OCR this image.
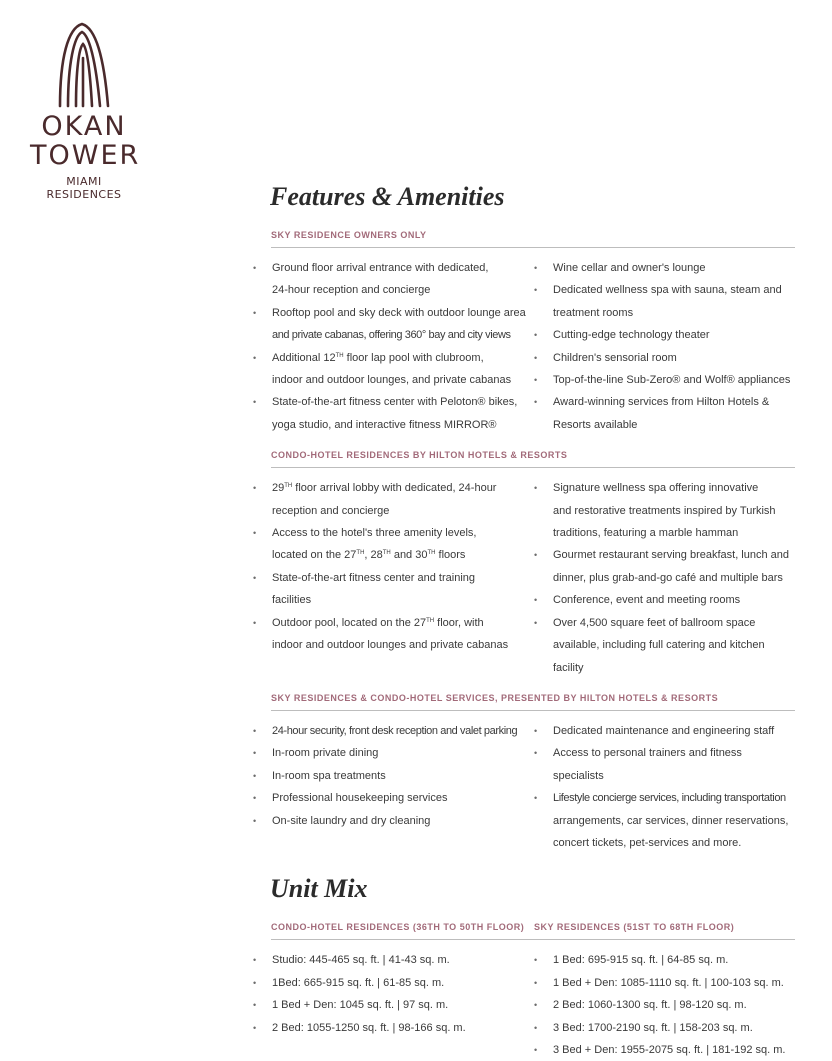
OKAN
TOWER
MIAMI
RESIDENCES	Features & Amenities
SKY RESIDENCE OWNERS ONLY
• Ground floor arrival entrance with dedicated,
24-hour reception and concierge
• Rooftop pool and sky deck with outdoor lounge area
and private cabanas, offering 360° bay and city views
• Additional 12TH floor lap pool with clubroom,
indoor and outdoor lounges, and private cabanas
• State-of-the-art fitness center with Peloton® bikes,
yoga studio, and interactive fitness MIRROR®
• Wine cellar and owner's lounge
• Dedicated wellness spa with sauna, steam and
treatment rooms
• Cutting-edge technology theater
• Children's sensorial room
• Top-of-the-line Sub-Zero® and Wolf® appliances
• Award-winning services from Hilton Hotels &
Resorts available
CONDO-HOTEL RESIDENCES BY HILTON HOTELS & RESORTS
• 29TH floor arrival lobby with dedicated, 24-hour
reception and concierge
• Access to the hotel's three amenity levels,
located on the 27TH, 28TH and 30TH floors
• State-of-the-art fitness center and training
facilities
• Outdoor pool, located on the 27TH floor, with
indoor and outdoor lounges and private cabanas
• Signature wellness spa offering innovative
and restorative treatments inspired by Turkish
traditions, featuring a marble hamman
• Gourmet restaurant serving breakfast, lunch and
dinner, plus grab-and-go café and multiple bars
• Conference, event and meeting rooms
• Over 4,500 square feet of ballroom space
available, including full catering and kitchen facility
SKY RESIDENCES & CONDO-HOTEL SERVICES, PRESENTED BY HILTON HOTELS & RESORTS
• 24-hour security, front desk reception and valet parking
• In-room private dining
• In-room spa treatments
• Professional housekeeping services
• On-site laundry and dry cleaning
• Dedicated maintenance and engineering staff
• Access to personal trainers and fitness specialists
• Lifestyle concierge services, including transportation
arrangements, car services, dinner reservations,
concert tickets, pet-services and more.
Unit Mix
CONDO-HOTEL RESIDENCES (36TH TO 50TH FLOOR)
• Studio: 445-465 sq. ft. | 41-43 sq. m.
• 1Bed: 665-915 sq. ft. | 61-85 sq. m.
• 1 Bed + Den: 1045 sq. ft. | 97 sq. m.
• 2 Bed: 1055-1250 sq. ft. | 98-166 sq. m.
SKY RESIDENCES (51ST TO 68TH FLOOR)
• 1 Bed: 695-915 sq. ft. | 64-85 sq. m.
• 1 Bed + Den: 1085-1110 sq. ft. | 100-103 sq. m.
• 2 Bed: 1060-1300 sq. ft. | 98-120 sq. m.
• 3 Bed: 1700-2190 sq. ft. | 158-203 sq. m.
• 3 Bed + Den: 1955-2075 sq. ft. | 181-192 sq. m.
